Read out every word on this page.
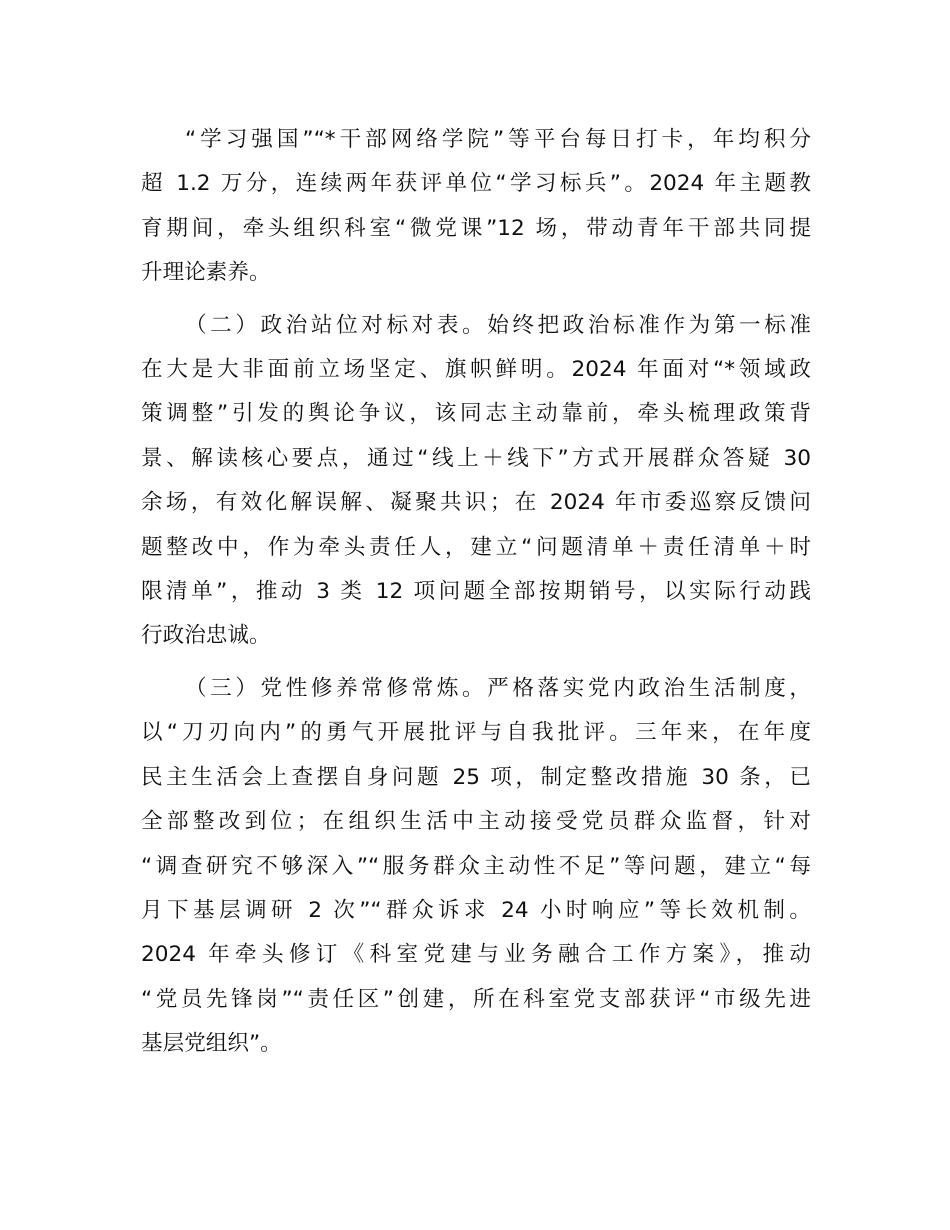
“学习强国”“*干部网络学院”等平台每日打卡，年均积分
超 1.2 万分，连续两年获评单位“学习标兵”。2024 年主题教
育期间，牵头组织科室“微党课”12 场，带动青年干部共同提
升理论素养。

（二）政治站位对标对表。始终把政治标准作为第一标准
在大是大非面前立场坚定、旗帜鲜明。2024 年面对“*领域政
策调整”引发的舆论争议，该同志主动靠前，牵头梳理政策背
景、解读核心要点，通过“线上＋线下”方式开展群众答疑 30
余场，有效化解误解、凝聚共识；在 2024 年市委巡察反馈问
题整改中，作为牵头责任人，建立“问题清单＋责任清单＋时
限清单”，推动 3 类 12 项问题全部按期销号，以实际行动践
行政治忠诚。

（三）党性修养常修常炼。严格落实党内政治生活制度，
以“刀刃向内”的勇气开展批评与自我批评。三年来，在年度
民主生活会上查摆自身问题 25 项，制定整改措施 30 条，已
全部整改到位；在组织生活中主动接受党员群众监督，针对
“调查研究不够深入”“服务群众主动性不足”等问题，建立“每
月下基层调研 2 次”“群众诉求 24 小时响应”等长效机制。
2024 年牵头修订《科室党建与业务融合工作方案》，推动
“党员先锋岗”“责任区”创建，所在科室党支部获评“市级先进
基层党组织”。
